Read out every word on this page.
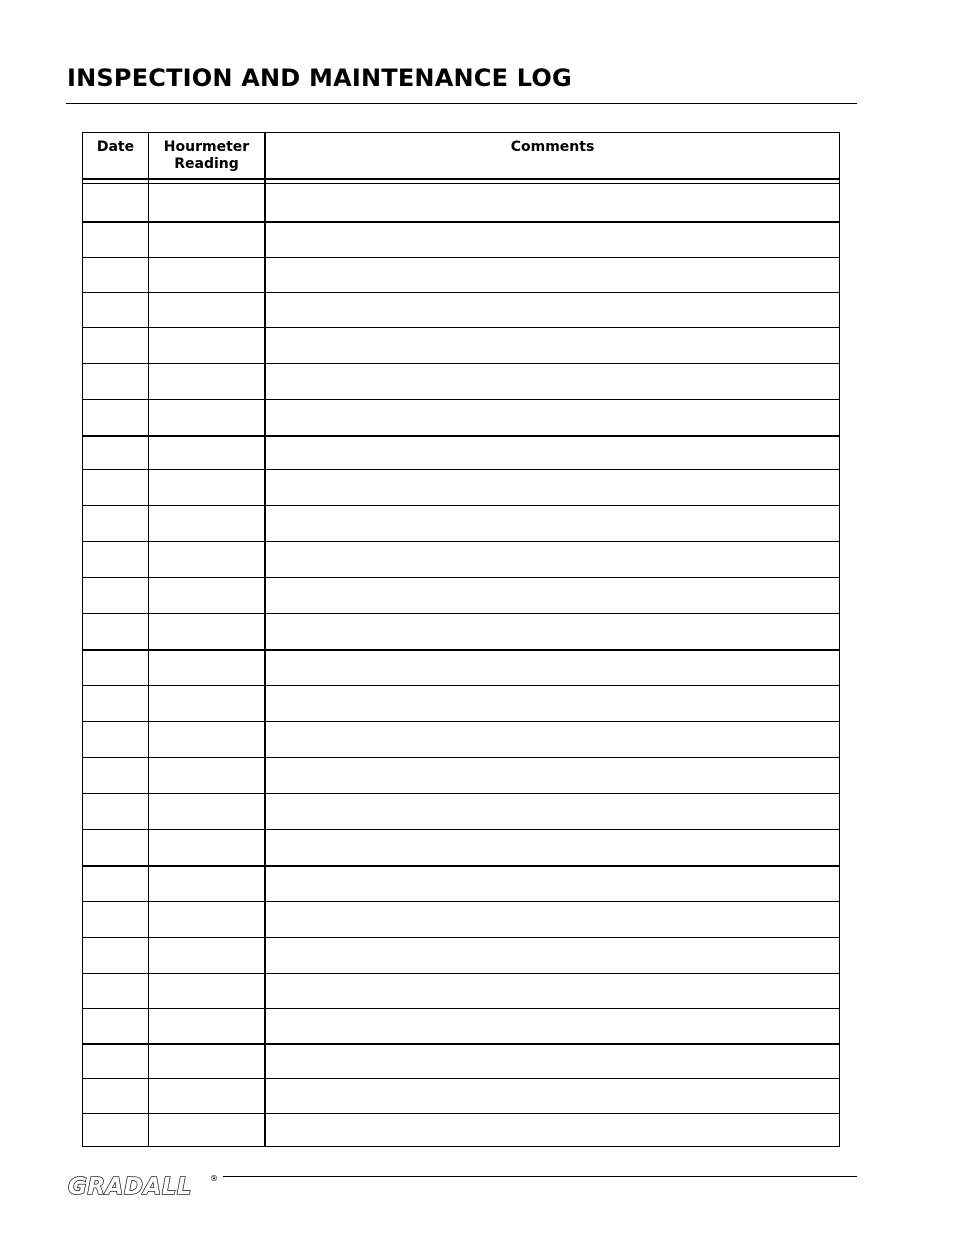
INSPECTION AND MAINTENANCE LOG
Date	Hourmeter Reading
Comments
GRADALL ®
